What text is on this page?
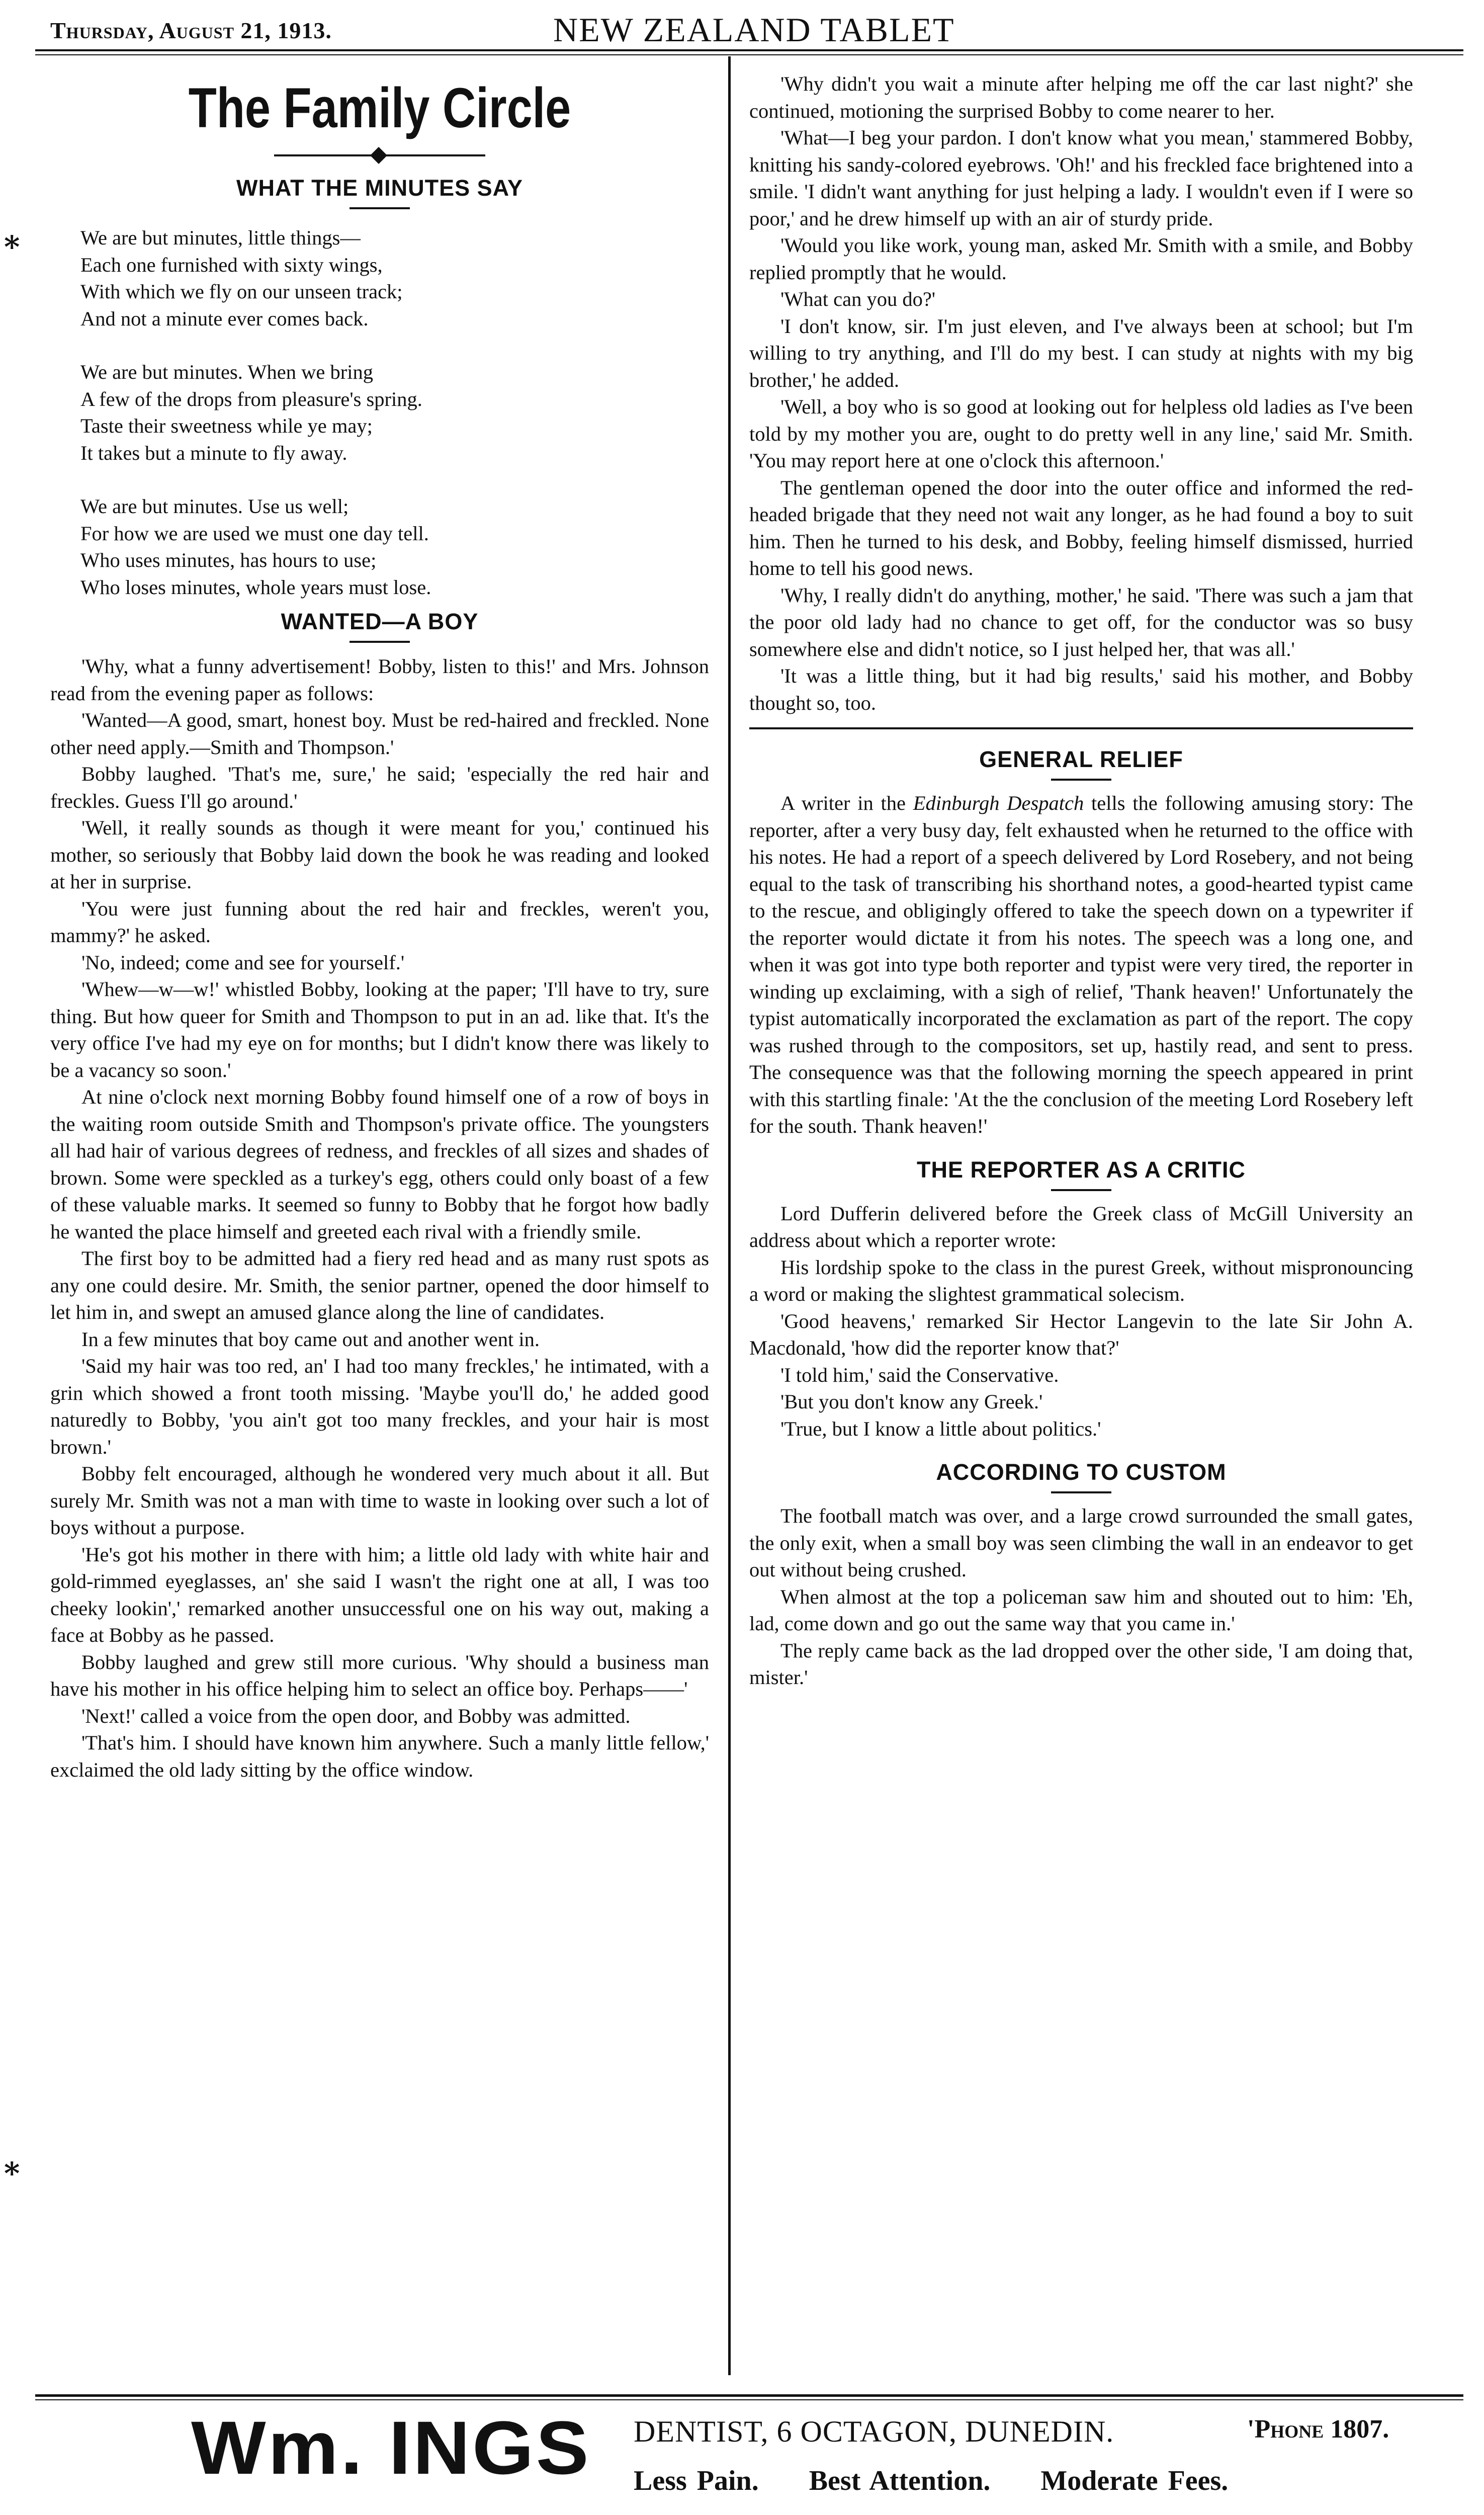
Thursday, August 21, 1913.	NEW ZEALAND TABLET
⁎
⁎
The Family Circle
WHAT THE MINUTES SAY
We are but minutes, little things—
Each one furnished with sixty wings,
With which we fly on our unseen track;
And not a minute ever comes back.
We are but minutes. When we bring
A few of the drops from pleasure's spring.
Taste their sweetness while ye may;
It takes but a minute to fly away.
We are but minutes. Use us well;
For how we are used we must one day tell.
Who uses minutes, has hours to use;
Who loses minutes, whole years must lose.
WANTED—A BOY

'Why, what a funny advertisement! Bobby, listen to this!' and Mrs. Johnson read from the evening paper as follows:

'Wanted—A good, smart, honest boy. Must be red-haired and freckled. None other need apply.—Smith and Thompson.'

Bobby laughed. 'That's me, sure,' he said; 'especially the red hair and freckles. Guess I'll go around.'

'Well, it really sounds as though it were meant for you,' continued his mother, so seriously that Bobby laid down the book he was reading and looked at her in surprise.

'You were just funning about the red hair and freckles, weren't you, mammy?' he asked.

'No, indeed; come and see for yourself.'

'Whew—w—w!' whistled Bobby, looking at the paper; 'I'll have to try, sure thing. But how queer for Smith and Thompson to put in an ad. like that. It's the very office I've had my eye on for months; but I didn't know there was likely to be a vacancy so soon.'

At nine o'clock next morning Bobby found himself one of a row of boys in the waiting room outside Smith and Thompson's private office. The youngsters all had hair of various degrees of redness, and freckles of all sizes and shades of brown. Some were speckled as a turkey's egg, others could only boast of a few of these valuable marks. It seemed so funny to Bobby that he forgot how badly he wanted the place himself and greeted each rival with a friendly smile.

The first boy to be admitted had a fiery red head and as many rust spots as any one could desire. Mr. Smith, the senior partner, opened the door himself to let him in, and swept an amused glance along the line of candidates.

In a few minutes that boy came out and another went in.

'Said my hair was too red, an' I had too many freckles,' he intimated, with a grin which showed a front tooth missing. 'Maybe you'll do,' he added good naturedly to Bobby, 'you ain't got too many freckles, and your hair is most brown.'

Bobby felt encouraged, although he wondered very much about it all. But surely Mr. Smith was not a man with time to waste in looking over such a lot of boys without a purpose.

'He's got his mother in there with him; a little old lady with white hair and gold-rimmed eyeglasses, an' she said I wasn't the right one at all, I was too cheeky lookin',' remarked another unsuccessful one on his way out, making a face at Bobby as he passed.

Bobby laughed and grew still more curious. 'Why should a business man have his mother in his office helping him to select an office boy. Perhaps——'

'Next!' called a voice from the open door, and Bobby was admitted.

'That's him. I should have known him anywhere. Such a manly little fellow,' exclaimed the old lady sitting by the office window.

'Why didn't you wait a minute after helping me off the car last night?' she continued, motioning the surprised Bobby to come nearer to her.

'What—I beg your pardon. I don't know what you mean,' stammered Bobby, knitting his sandy-colored eyebrows. 'Oh!' and his freckled face brightened into a smile. 'I didn't want anything for just helping a lady. I wouldn't even if I were so poor,' and he drew himself up with an air of sturdy pride.

'Would you like work, young man, asked Mr. Smith with a smile, and Bobby replied promptly that he would.

'What can you do?'

'I don't know, sir. I'm just eleven, and I've always been at school; but I'm willing to try anything, and I'll do my best. I can study at nights with my big brother,' he added.

'Well, a boy who is so good at looking out for helpless old ladies as I've been told by my mother you are, ought to do pretty well in any line,' said Mr. Smith. 'You may report here at one o'clock this afternoon.'

The gentleman opened the door into the outer office and informed the red-headed brigade that they need not wait any longer, as he had found a boy to suit him. Then he turned to his desk, and Bobby, feeling himself dismissed, hurried home to tell his good news.

'Why, I really didn't do anything, mother,' he said. 'There was such a jam that the poor old lady had no chance to get off, for the conductor was so busy somewhere else and didn't notice, so I just helped her, that was all.'

'It was a little thing, but it had big results,' said his mother, and Bobby thought so, too.

GENERAL RELIEF

A writer in the Edinburgh Despatch tells the following amusing story: The reporter, after a very busy day, felt exhausted when he returned to the office with his notes. He had a report of a speech delivered by Lord Rosebery, and not being equal to the task of transcribing his shorthand notes, a good-hearted typist came to the rescue, and obligingly offered to take the speech down on a typewriter if the reporter would dictate it from his notes. The speech was a long one, and when it was got into type both reporter and typist were very tired, the reporter in winding up exclaiming, with a sigh of relief, 'Thank heaven!' Unfortunately the typist automatically incorporated the exclamation as part of the report. The copy was rushed through to the compositors, set up, hastily read, and sent to press. The consequence was that the following morning the speech appeared in print with this startling finale: 'At the the conclusion of the meeting Lord Rosebery left for the south. Thank heaven!'

THE REPORTER AS A CRITIC

Lord Dufferin delivered before the Greek class of McGill University an address about which a reporter wrote:

His lordship spoke to the class in the purest Greek, without mispronouncing a word or making the slightest grammatical solecism.

'Good heavens,' remarked Sir Hector Langevin to the late Sir John A. Macdonald, 'how did the reporter know that?'

'I told him,' said the Conservative.

'But you don't know any Greek.'

'True, but I know a little about politics.'

ACCORDING TO CUSTOM

The football match was over, and a large crowd surrounded the small gates, the only exit, when a small boy was seen climbing the wall in an endeavor to get out without being crushed.

When almost at the top a policeman saw him and shouted out to him: 'Eh, lad, come down and go out the same way that you came in.'

The reply came back as the lad dropped over the other side, 'I am doing that, mister.'

Wm. INGS DENTIST, 6 OCTAGON, DUNEDIN.	'Phone 1807.
Less Pain. Best Attention. Moderate Fees.
